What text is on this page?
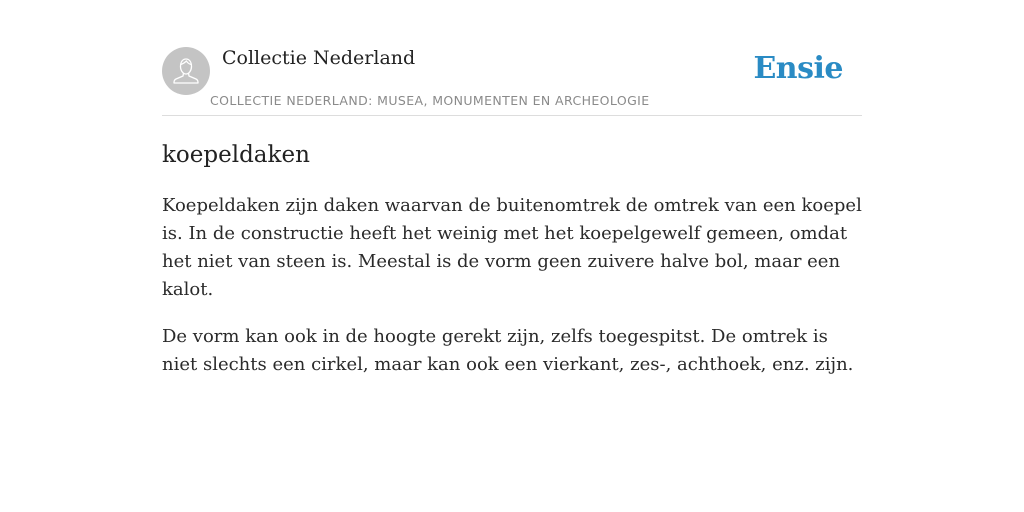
Collectie Nederland
COLLECTIE NEDERLAND: MUSEA, MONUMENTEN EN ARCHEOLOGIE
Ensie
koepeldaken

Koepeldaken zijn daken waarvan de buitenomtrek de omtrek van een koepel is. In de constructie heeft het weinig met het koepelgewelf gemeen, omdat het niet van steen is. Meestal is de vorm geen zuivere halve bol, maar een kalot.

De vorm kan ook in de hoogte gerekt zijn, zelfs toegespitst. De omtrek is niet slechts een cirkel, maar kan ook een vierkant, zes-, achthoek, enz. zijn.
